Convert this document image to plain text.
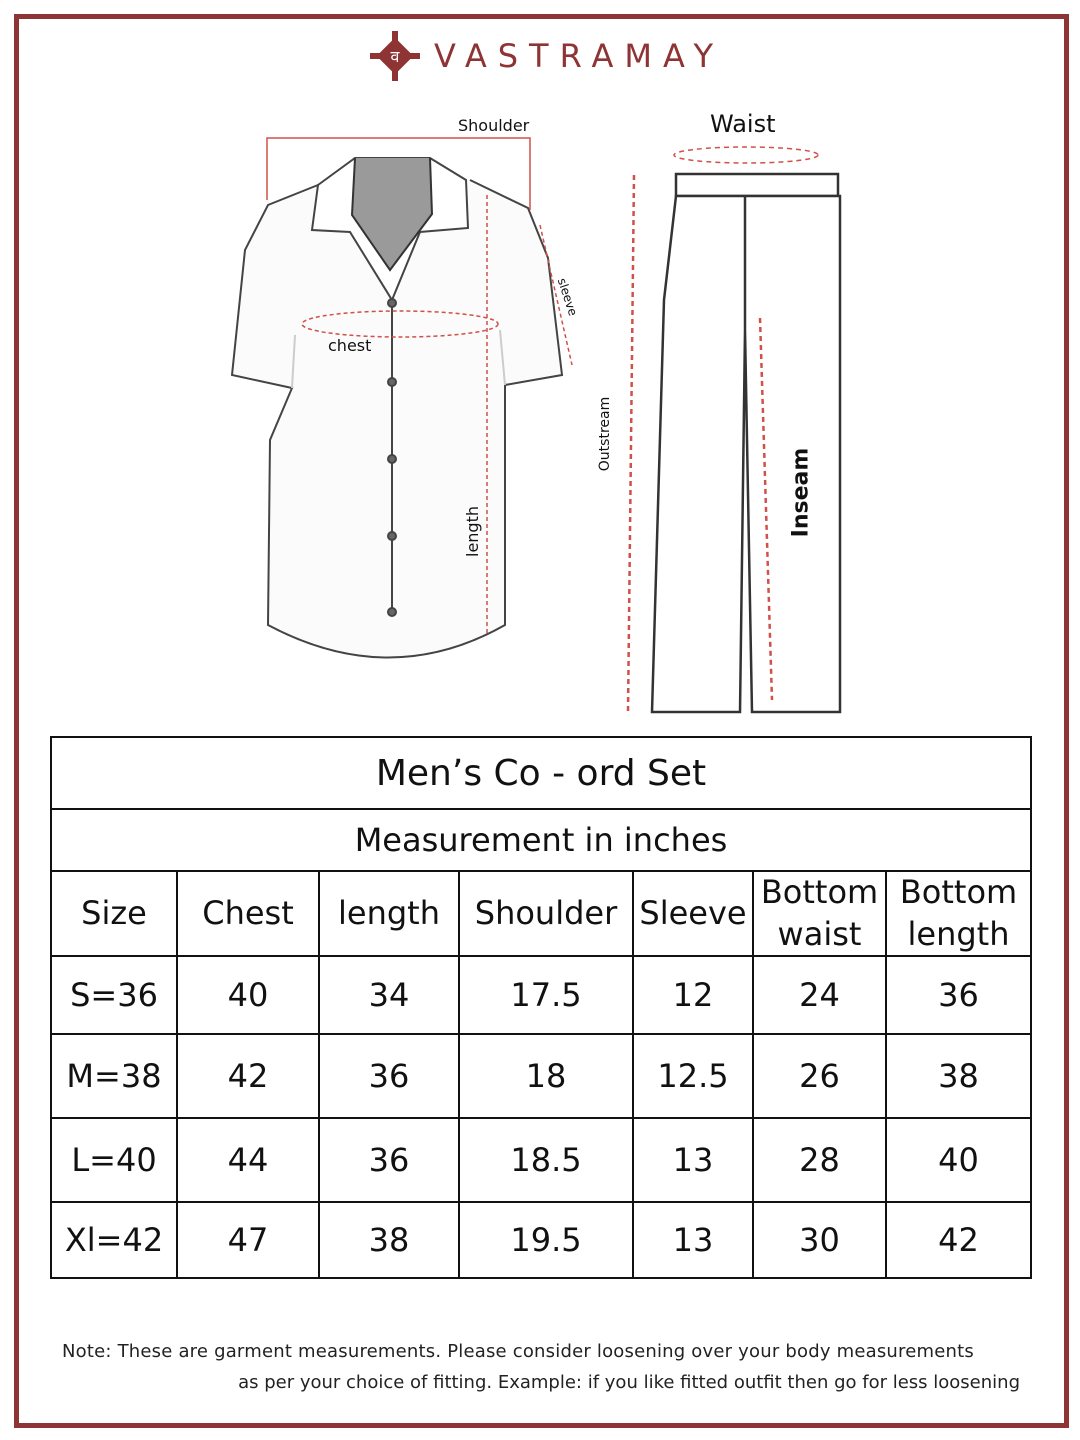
व VASTRAMAY
Shoulder
sleeve
chest
length
Waist
Outstream
Inseam
Men’s Co - ord Set						
Measurement in inches						
Size	Chest	length	Shoulder	Sleeve	Bottom waist	Bottom length
S=36	40	34	17.5	12	24	36
M=38	42	36	18	12.5	26	38
L=40	44	36	18.5	13	28	40
Xl=42	47	38	19.5	13	30	42
Note: These are garment measurements. Please consider loosening over your body measurements
as per your choice of fitting. Example: if you like fitted outfit then go for less loosening
